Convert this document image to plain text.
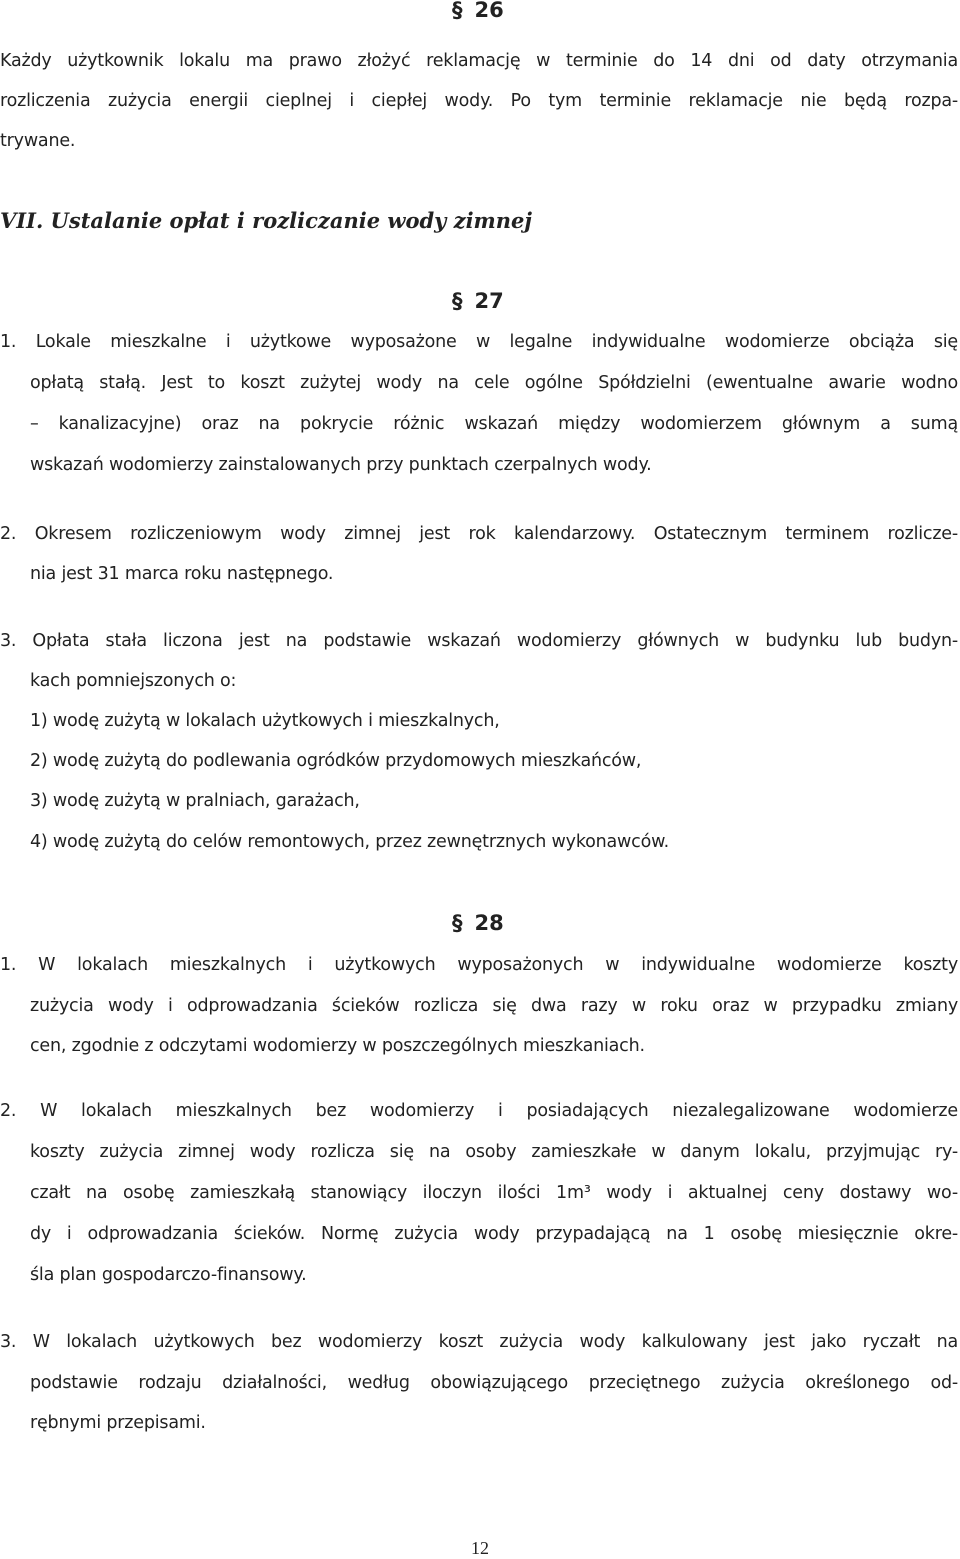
§ 26
Każdy użytkownik lokalu ma prawo złożyć reklamację w terminie do 14 dni od daty otrzymania
rozliczenia zużycia energii cieplnej i ciepłej wody. Po tym terminie reklamacje nie będą rozpa-
trywane.
VII. Ustalanie opłat i rozliczanie wody zimnej
§ 27
1. Lokale mieszkalne i użytkowe wyposażone w legalne indywidualne wodomierze obciąża się
opłatą stałą. Jest to koszt zużytej wody na cele ogólne Spółdzielni (ewentualne awarie wodno
– kanalizacyjne) oraz na pokrycie różnic wskazań między wodomierzem głównym a sumą
wskazań wodomierzy zainstalowanych przy punktach czerpalnych wody.
2. Okresem rozliczeniowym wody zimnej jest rok kalendarzowy. Ostatecznym terminem rozlicze-
nia jest 31 marca roku następnego.
3. Opłata stała liczona jest na podstawie wskazań wodomierzy głównych w budynku lub budyn-
kach pomniejszonych o:
1) wodę zużytą w lokalach użytkowych i mieszkalnych,
2) wodę zużytą do podlewania ogródków przydomowych mieszkańców,
3) wodę zużytą w pralniach, garażach,
4) wodę zużytą do celów remontowych, przez zewnętrznych wykonawców.
§ 28
1. W lokalach mieszkalnych i użytkowych wyposażonych w indywidualne wodomierze koszty
zużycia wody i odprowadzania ścieków rozlicza się dwa razy w roku oraz w przypadku zmiany
cen, zgodnie z odczytami wodomierzy w poszczególnych mieszkaniach.
2. W lokalach mieszkalnych bez wodomierzy i posiadających niezalegalizowane wodomierze
koszty zużycia zimnej wody rozlicza się na osoby zamieszkałe w danym lokalu, przyjmując ry-
czałt na osobę zamieszkałą stanowiący iloczyn ilości 1m³ wody i aktualnej ceny dostawy wo-
dy i odprowadzania ścieków. Normę zużycia wody przypadającą na 1 osobę miesięcznie okre-
śla plan gospodarczo-finansowy.
3. W lokalach użytkowych bez wodomierzy koszt zużycia wody kalkulowany jest jako ryczałt na
podstawie rodzaju działalności, według obowiązującego przeciętnego zużycia określonego od-
rębnymi przepisami.
12
